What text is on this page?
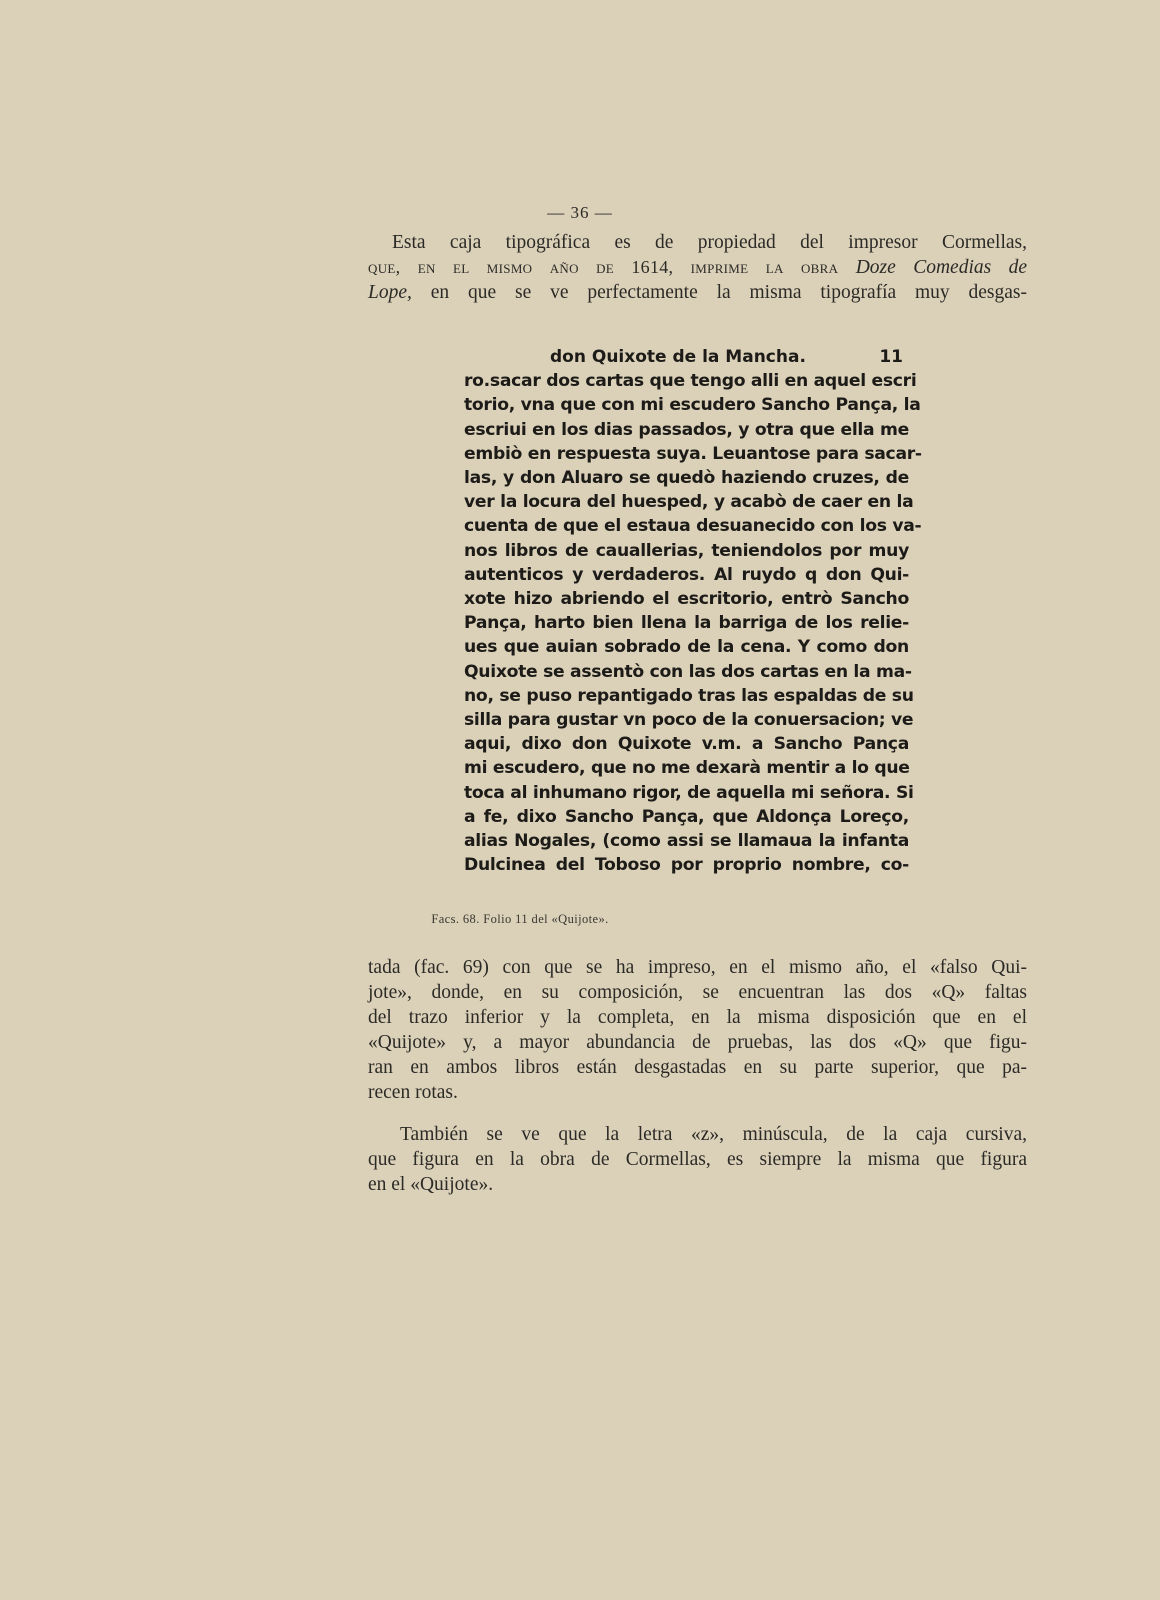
— 36 —
Esta caja tipográfica es de propiedad del impresor Cormellas,
que, en el mismo año de 1614, imprime la obra Doze Comedias de
Lope, en que se ve perfectamente la misma tipografía muy desgas-
don Quixote de la Mancha.	11
ro.sacar dos cartas que tengo alli en aquel escri
torio, vna que con mi escudero Sancho Pança, la
escriui en los dias passados, y otra que ella me
embiò en respuesta suya. Leuantose para sacar-
las, y don Aluaro se quedò haziendo cruzes, de
ver la locura del huesped, y acabò de caer en la
cuenta de que el estaua desuanecido con los va-
nos libros de cauallerias, teniendolos por muy
autenticos y verdaderos. Al ruydo q don Qui-
xote hizo abriendo el escritorio, entrò Sancho
Pança, harto bien llena la barriga de los relie-
ues que auian sobrado de la cena. Y como don
Quixote se assentò con las dos cartas en la ma-
no, se puso repantigado tras las espaldas de su
silla para gustar vn poco de la conuersacion; ve
aqui, dixo don Quixote v.m. a Sancho Pança
mi escudero, que no me dexarà mentir a lo que
toca al inhumano rigor, de aquella mi señora. Si
a fe, dixo Sancho Pança, que Aldonça Loreço,
alias Nogales, (como assi se llamaua la infanta
Dulcinea del Toboso por proprio nombre, co-
Facs. 68. Folio 11 del «Quijote».
tada (fac. 69) con que se ha impreso, en el mismo año, el «falso Qui-
jote», donde, en su composición, se encuentran las dos «Q» faltas
del trazo inferior y la completa, en la misma disposición que en el
«Quijote» y, a mayor abundancia de pruebas, las dos «Q» que figu-
ran en ambos libros están desgastadas en su parte superior, que pa-
recen rotas.
También se ve que la letra «z», minúscula, de la caja cursiva,
que figura en la obra de Cormellas, es siempre la misma que figura
en el «Quijote».
